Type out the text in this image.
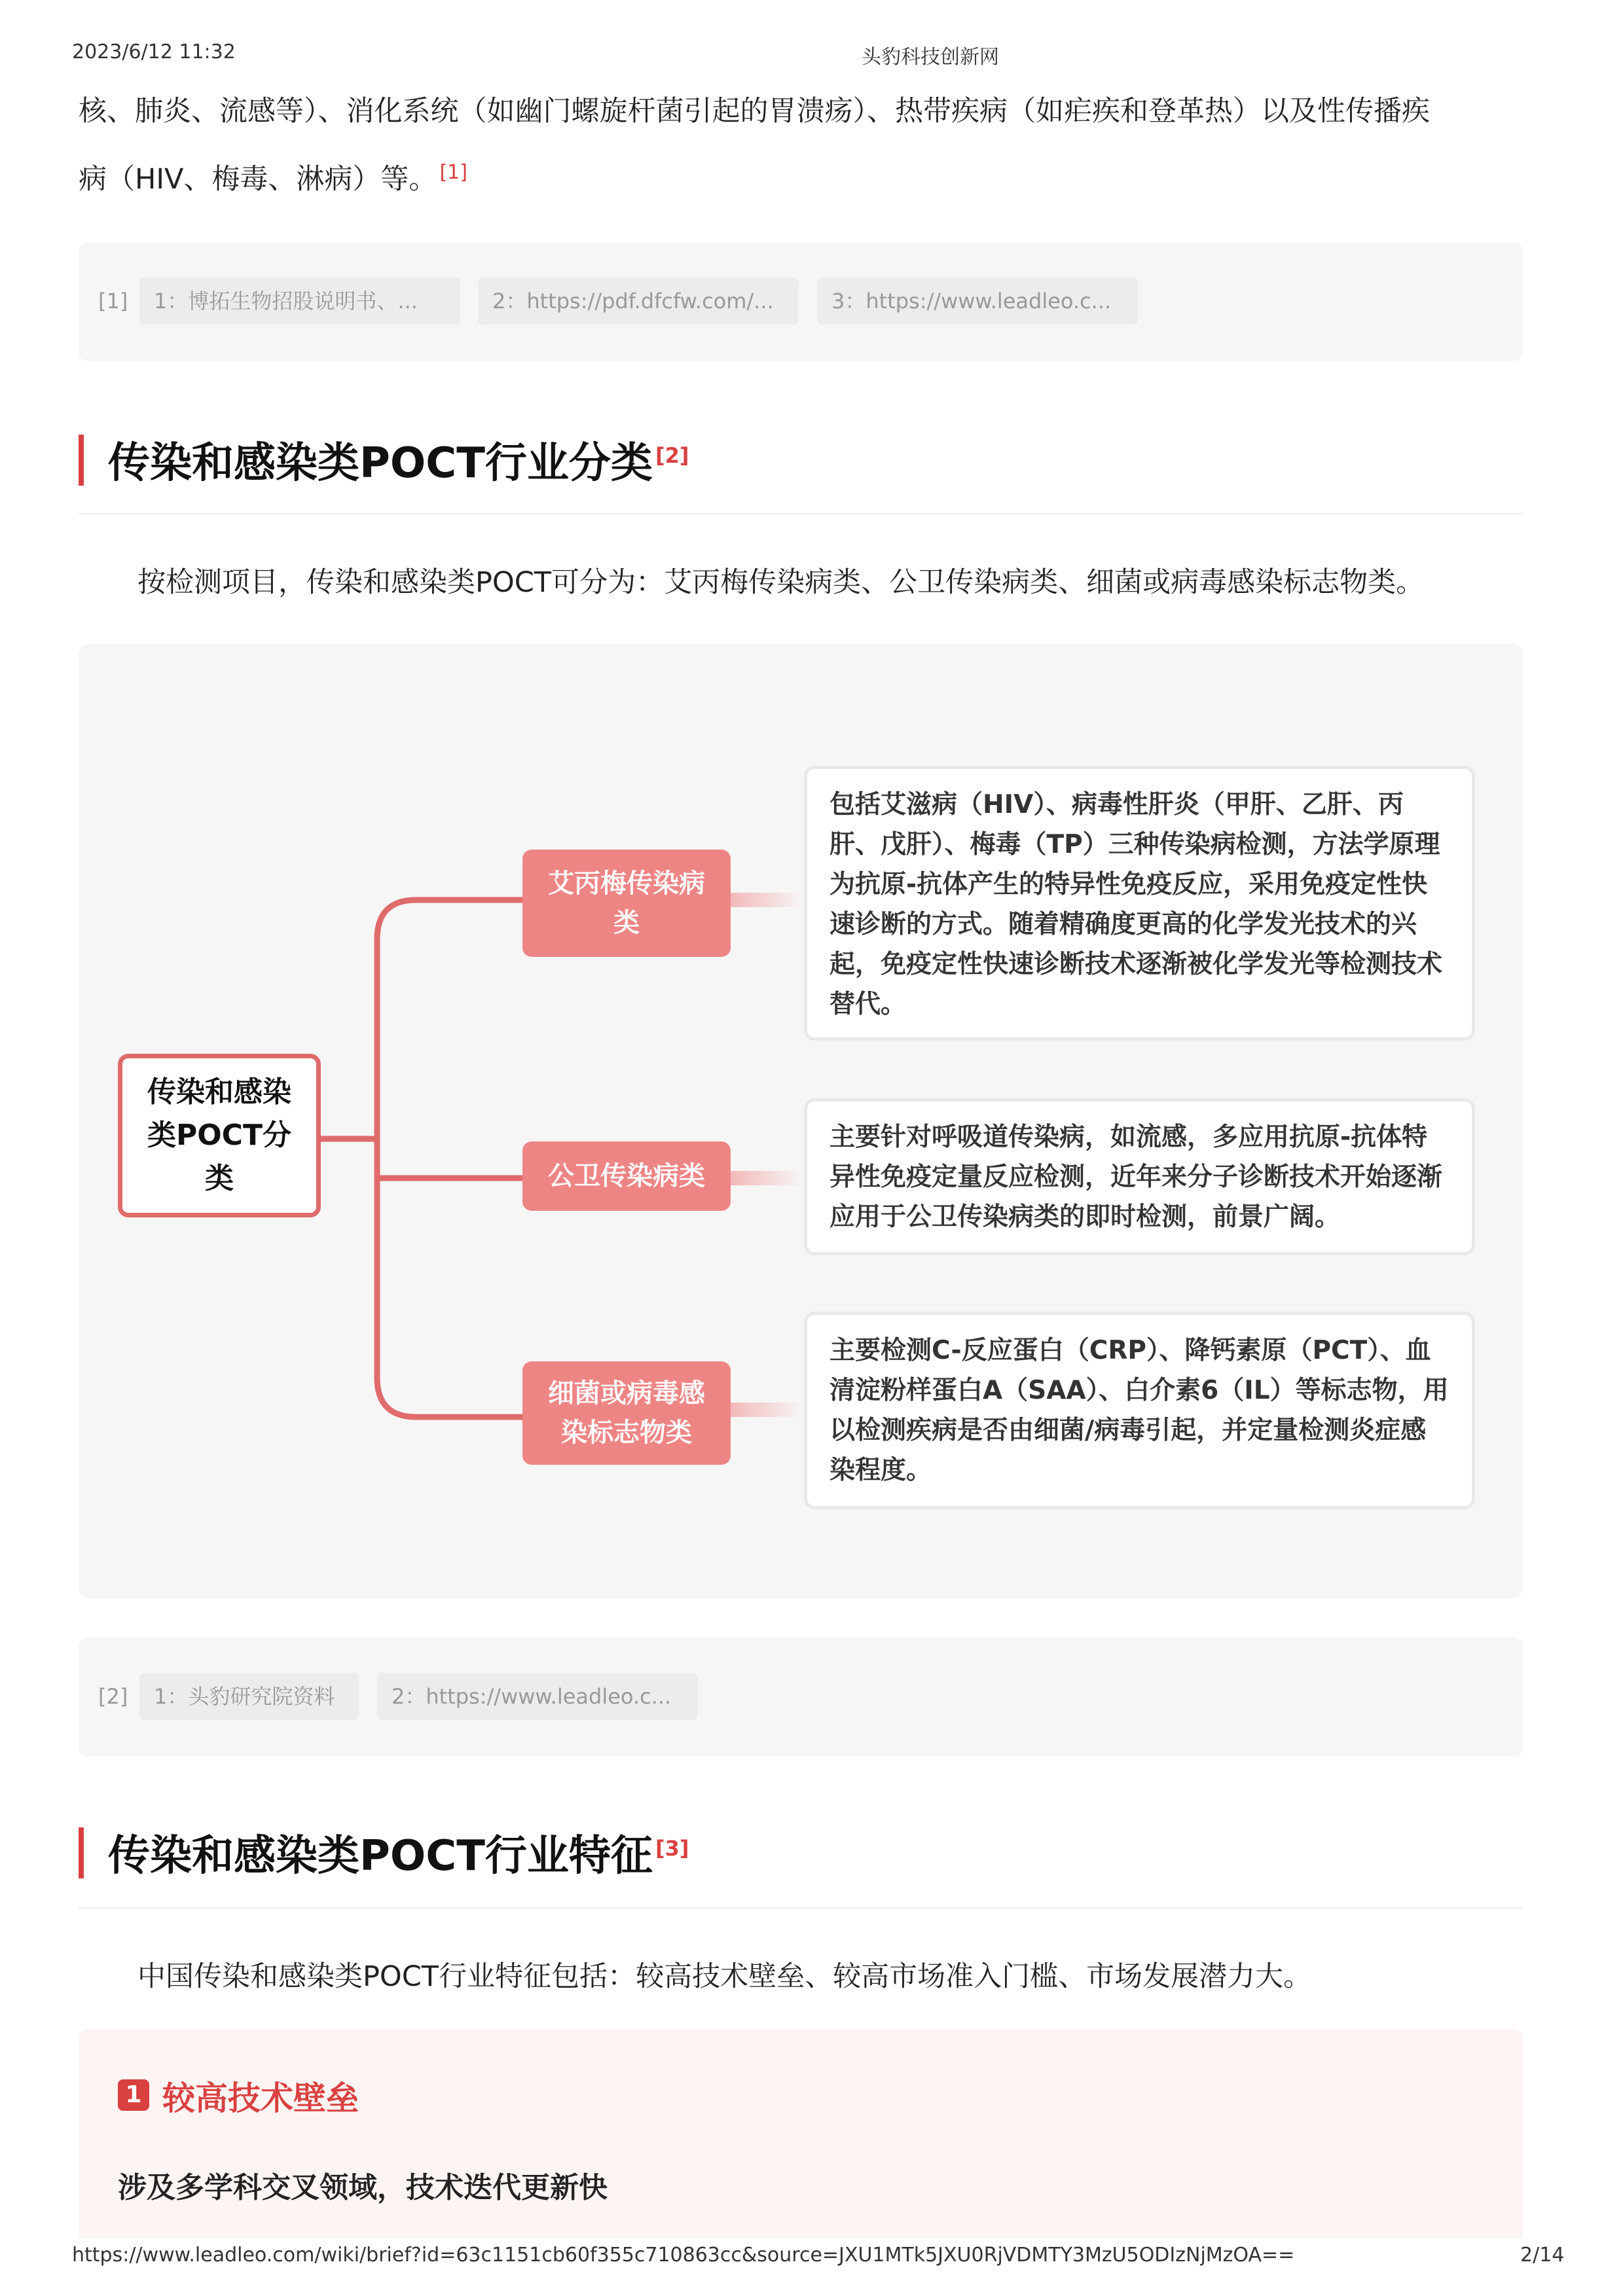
2023/6/12 11:32	头豹科技创新网
核、肺炎、流感等）、消化系统（如幽门螺旋杆菌引起的胃溃疡）、热带疾病（如疟疾和登革热）以及性传播疾
病（HIV、梅毒、淋病）等。 [1]
[1]	1：博拓生物招股说明书、...	2：https://pdf.dfcfw.com/...	3：https://www.leadleo.c...
传染和感染类POCT行业分类 [2]
按检测项目，传染和感染类POCT可分为：艾丙梅传染病类、公卫传染病类、细菌或病毒感染标志物类。
传染和感染类POCT分类
艾丙梅传染病类
公卫传染病类
细菌或病毒感染标志物类
包括艾滋病（HIV）、病毒性肝炎（甲肝、乙肝、丙肝、戊肝）、梅毒（TP）三种传染病检测，方法学原理为抗原-抗体产生的特异性免疫反应，采用免疫定性快速诊断的方式。随着精确度更高的化学发光技术的兴起，免疫定性快速诊断技术逐渐被化学发光等检测技术替代。
主要针对呼吸道传染病，如流感，多应用抗原-抗体特异性免疫定量反应检测，近年来分子诊断技术开始逐渐应用于公卫传染病类的即时检测，前景广阔。
主要检测C-反应蛋白（CRP）、降钙素原（PCT）、血清淀粉样蛋白A（SAA）、白介素6（IL）等标志物，用以检测疾病是否由细菌/病毒引起，并定量检测炎症感染程度。
[2]	1：头豹研究院资料	2：https://www.leadleo.c...
传染和感染类POCT行业特征 [3]
中国传染和感染类POCT行业特征包括：较高技术壁垒、较高市场准入门槛、市场发展潜力大。
1 较高技术壁垒
涉及多学科交叉领域，技术迭代更新快
https://www.leadleo.com/wiki/brief?id=63c1151cb60f355c710863cc&source=JXU1MTk5JXU0RjVDMTY3MzU5ODIzNjMzOA==	2/14
